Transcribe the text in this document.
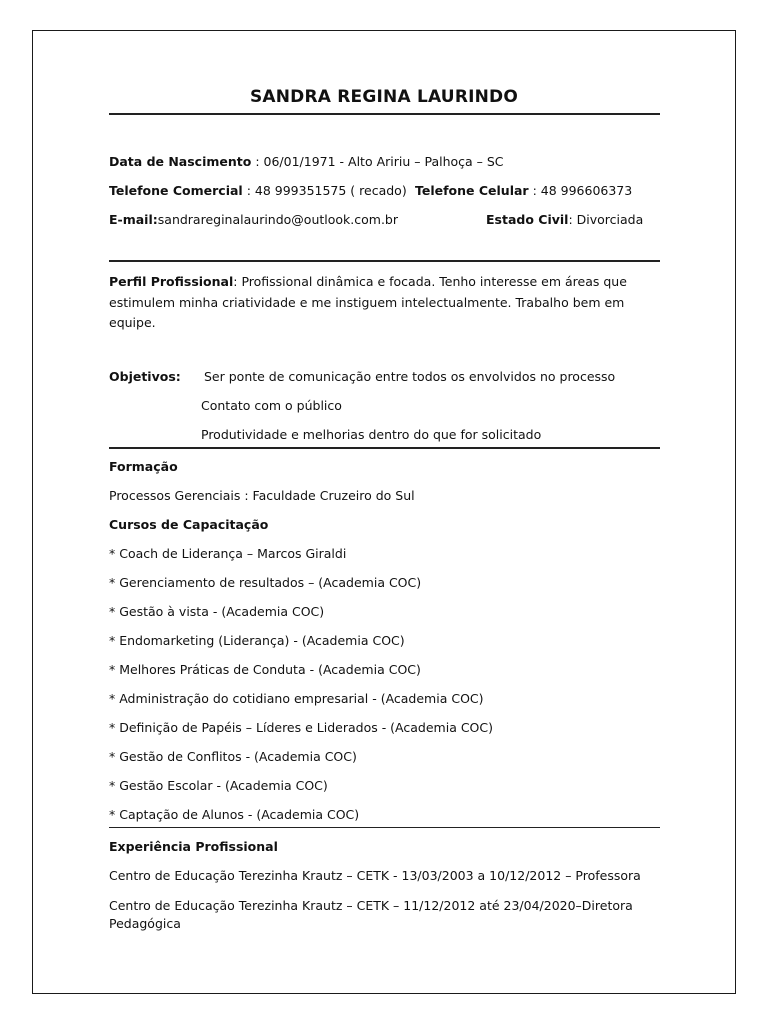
SANDRA REGINA LAURINDO
Data de Nascimento : 06/01/1971 - Alto Aririu – Palhoça – SC
Telefone Comercial : 48 999351575 ( recado) Telefone Celular : 48 996606373
E-mail:sandrareginalaurindo@outlook.com.br	Estado Civil: Divorciada
Perfil Profissional: Profissional dinâmica e focada. Tenho interesse em áreas que estimulem minha criatividade e me instiguem intelectualmente. Trabalho bem em equipe.
Objetivos: Ser ponte de comunicação entre todos os envolvidos no processo
Contato com o público
Produtividade e melhorias dentro do que for solicitado
Formação
Processos Gerenciais : Faculdade Cruzeiro do Sul
Cursos de Capacitação
* Coach de Liderança – Marcos Giraldi
* Gerenciamento de resultados – (Academia COC)
* Gestão à vista - (Academia COC)
* Endomarketing (Liderança) - (Academia COC)
* Melhores Práticas de Conduta - (Academia COC)
* Administração do cotidiano empresarial - (Academia COC)
* Definição de Papéis – Líderes e Liderados - (Academia COC)
* Gestão de Conflitos - (Academia COC)
* Gestão Escolar - (Academia COC)
* Captação de Alunos - (Academia COC)
Experiência Profissional
Centro de Educação Terezinha Krautz – CETK - 13/03/2003 a 10/12/2012 – Professora
Centro de Educação Terezinha Krautz – CETK – 11/12/2012 até 23/04/2020–Diretora Pedagógica
